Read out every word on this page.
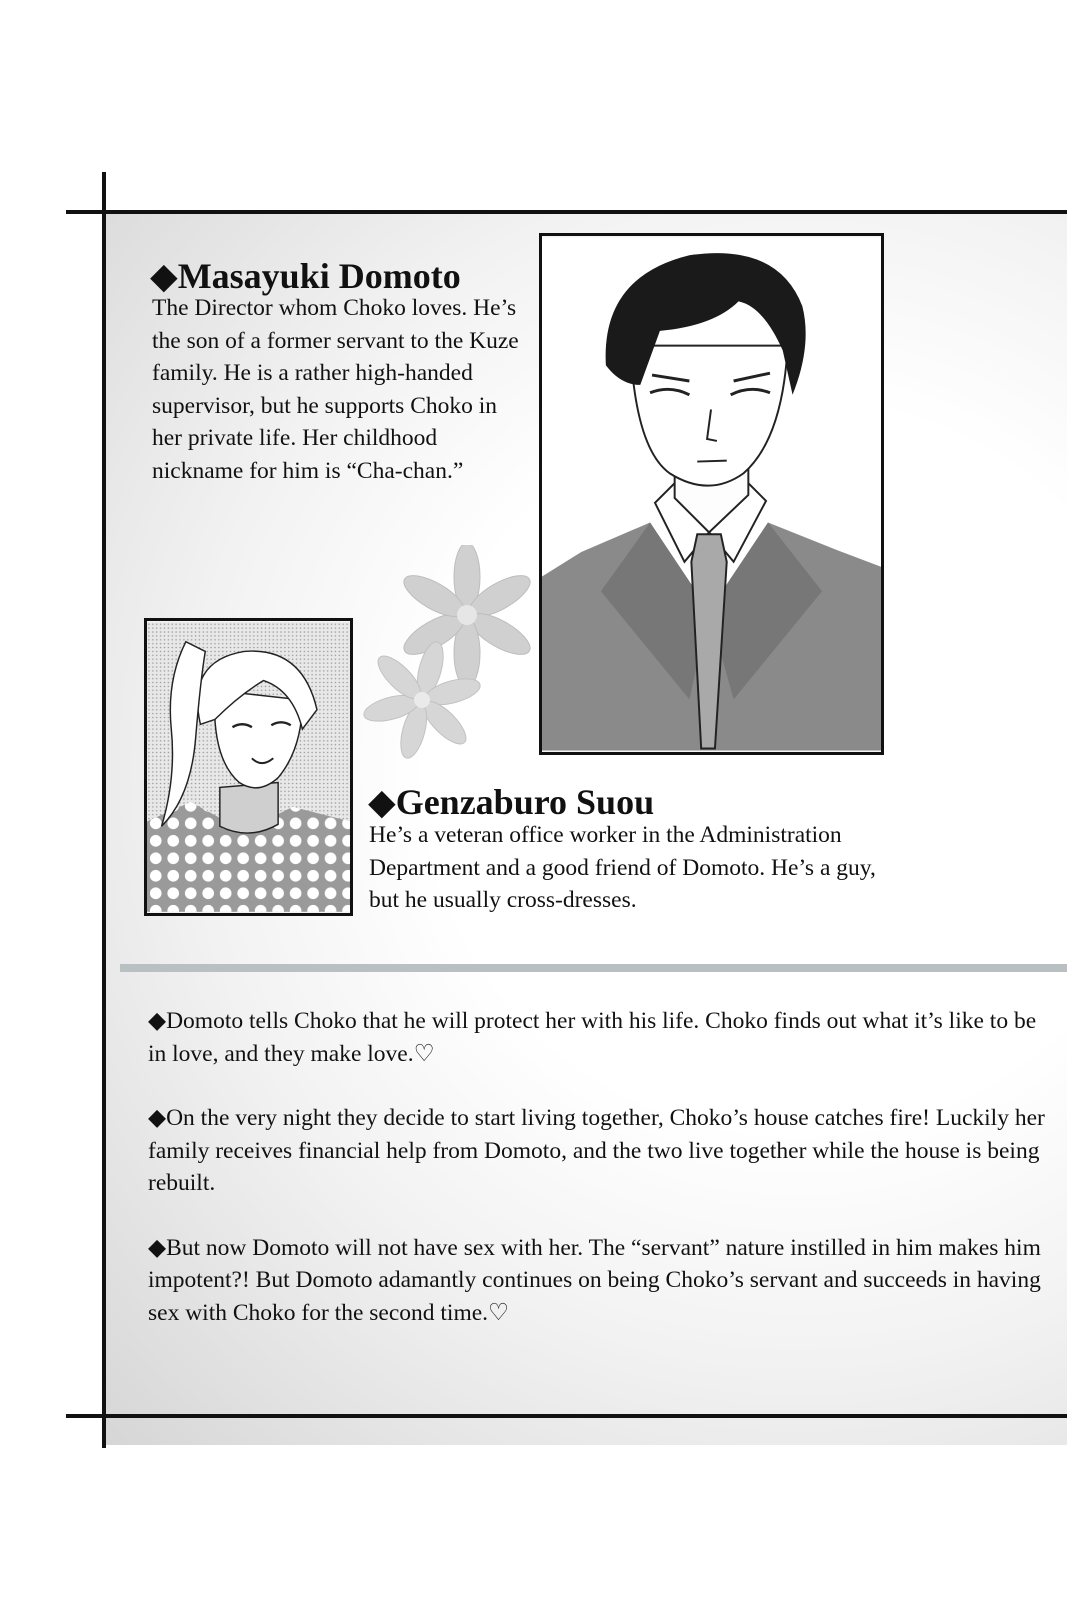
◆Masayuki Domoto

The Director whom Choko loves. He’s the son of a former servant to the Kuze family. He is a rather high-handed supervisor, but he supports Choko in her private life. Her childhood nickname for him is “Cha-chan.”

◆Genzaburo Suou

He’s a veteran office worker in the Administration Department and a good friend of Domoto. He’s a guy, but he usually cross-dresses.

◆Domoto tells Choko that he will protect her with his life. Choko finds out what it’s like to be in love, and they make love.♡

◆On the very night they decide to start living together, Choko’s house catches fire! Luckily her family receives financial help from Domoto, and the two live together while the house is being rebuilt.

◆But now Domoto will not have sex with her. The “servant” nature instilled in him makes him impotent?! But Domoto adamantly continues on being Choko’s servant and succeeds in having sex with Choko for the second time.♡
